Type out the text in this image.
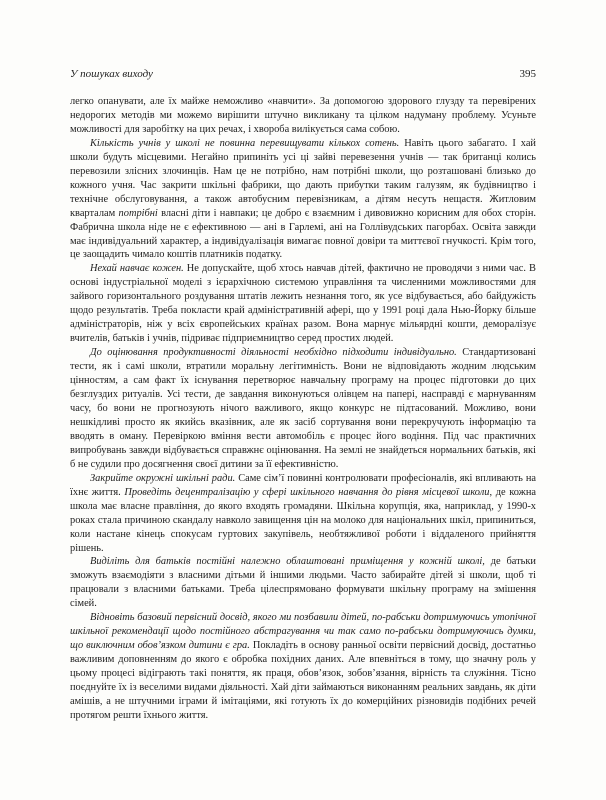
У пошуках виходу	395

легко опанувати, але їх майже неможливо «навчити». За допомогою здорового глузду та перевірених недорогих методів ми можемо вирішити штучно викликану та цілком надуману проблему. Усуньте можливості для заробітку на цих речах, і хвороба вилікується сама собою.

Кількість учнів у школі не повинна перевищувати кількох сотень. Навіть цього забагато. І хай школи будуть місцевими. Негайно припиніть усі ці зайві перевезення учнів — так британці колись перевозили злісних злочинців. Нам це не потрібно, нам потрібні школи, що розташовані близько до кожного учня. Час закрити шкільні фабрики, що дають прибутки таким галузям, як будівництво і технічне обслуговування, а також автобусним перевізникам, а дітям несуть нещастя. Житловим кварталам потрібні власні діти і навпаки; це добро є взаємним і дивовижно корисним для обох сторін. Фабрична школа ніде не є ефективною — ані в Гарлемі, ані на Голлівудських пагорбах. Освіта завжди має індивідуальний характер, а індивідуалізація вимагає повної довіри та миттєвої гнучкості. Крім того, це заощадить чимало коштів платників податку.

Нехай навчає кожен. Не допускайте, щоб хтось навчав дітей, фактично не проводячи з ними час. В основі індустріальної моделі з ієрархічною системою управління та численними можливостями для зайвого горизонтального роздування штатів лежить незнання того, як усе відбувається, або байдужість щодо результатів. Треба покласти край адміністративній афері, що у 1991 році дала Нью-Йорку більше адміністраторів, ніж у всіх європейських країнах разом. Вона марнує мільярдні кошти, деморалізує вчителів, батьків і учнів, підриває підприємництво серед простих людей.

До оцінювання продуктивності діяльності необхідно підходити індивідуально. Стандартизовані тести, як і самі школи, втратили моральну легітимність. Вони не відповідають жодним людським цінностям, а сам факт їх існування перетворює навчальну програму на процес підготовки до цих безглуздих ритуалів. Усі тести, де завдання виконуються олівцем на папері, насправді є марнуванням часу, бо вони не прогнозують нічого важливого, якщо конкурс не підтасований. Можливо, вони нешкідливі просто як якийсь вказівник, але як засіб сортування вони перекручують інформацію та вводять в оману. Перевіркою вміння вести автомобіль є процес його водіння. Під час практичних випробувань завжди відбувається справжнє оцінювання. На землі не знайдеться нормальних батьків, які б не судили про досягнення своєї дитини за її ефективністю.

Закрийте окружні шкільні ради. Саме сім’ї повинні контролювати професіоналів, які впливають на їхнє життя. Проведіть децентралізацію у сфері шкільного навчання до рівня місцевої школи, де кожна школа має власне правління, до якого входять громадяни. Шкільна корупція, яка, наприклад, у 1990-х роках стала причиною скандалу навколо завищення цін на молоко для національних шкіл, припиниться, коли настане кінець спокусам гуртових закупівель, необтяжливої роботи і віддаленого прийняття рішень.

Виділіть для батьків постійні належно облаштовані приміщення у кожній школі, де батьки зможуть взаємодіяти з власними дітьми й іншими людьми. Часто забирайте дітей зі школи, щоб ті працювали з власними батьками. Треба цілеспрямовано формувати шкільну програму на змішення сімей.

Відновіть базовий первісний досвід, якого ми позбавили дітей, по-рабськи дотримуючись утопічної шкільної рекомендації щодо постійного абстрагування чи так само по-рабськи дотримуючись думки, що виключним обов’язком дитини є гра. Покладіть в основу ранньої освіти первісний досвід, достатньо важливим доповненням до якого є обробка похідних даних. Але впевніться в тому, що значну роль у цьому процесі відіграють такі поняття, як праця, обов’язок, зобов’язання, вірність та служіння. Тісно поєднуйте їх із веселими видами діяльності. Хай діти займаються виконанням реальних завдань, як діти амішів, а не штучними іграми й імітаціями, які готують їх до комерційних різновидів подібних речей протягом решти їхнього життя.
